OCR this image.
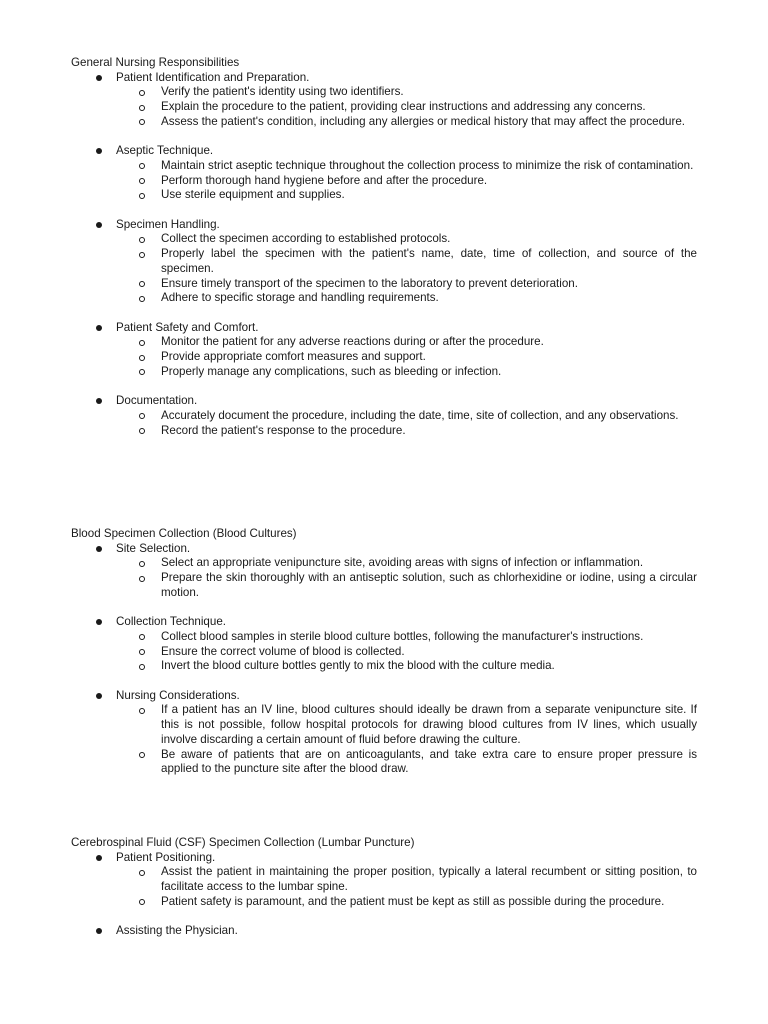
General Nursing Responsibilities
Patient Identification and Preparation.
Verify the patient's identity using two identifiers.
Explain the procedure to the patient, providing clear instructions and addressing any concerns.
Assess the patient's condition, including any allergies or medical history that may affect the procedure.
Aseptic Technique.
Maintain strict aseptic technique throughout the collection process to minimize the risk of contamination.
Perform thorough hand hygiene before and after the procedure.
Use sterile equipment and supplies.
Specimen Handling.
Collect the specimen according to established protocols.
Properly label the specimen with the patient's name, date, time of collection, and source of the specimen.
Ensure timely transport of the specimen to the laboratory to prevent deterioration.
Adhere to specific storage and handling requirements.
Patient Safety and Comfort.
Monitor the patient for any adverse reactions during or after the procedure.
Provide appropriate comfort measures and support.
Properly manage any complications, such as bleeding or infection.
Documentation.
Accurately document the procedure, including the date, time, site of collection, and any observations.
Record the patient's response to the procedure.
Blood Specimen Collection (Blood Cultures)
Site Selection.
Select an appropriate venipuncture site, avoiding areas with signs of infection or inflammation.
Prepare the skin thoroughly with an antiseptic solution, such as chlorhexidine or iodine, using a circular motion.
Collection Technique.
Collect blood samples in sterile blood culture bottles, following the manufacturer's instructions.
Ensure the correct volume of blood is collected.
Invert the blood culture bottles gently to mix the blood with the culture media.
Nursing Considerations.
If a patient has an IV line, blood cultures should ideally be drawn from a separate venipuncture site. If this is not possible, follow hospital protocols for drawing blood cultures from IV lines, which usually involve discarding a certain amount of fluid before drawing the culture.
Be aware of patients that are on anticoagulants, and take extra care to ensure proper pressure is applied to the puncture site after the blood draw.
Cerebrospinal Fluid (CSF) Specimen Collection (Lumbar Puncture)
Patient Positioning.
Assist the patient in maintaining the proper position, typically a lateral recumbent or sitting position, to facilitate access to the lumbar spine.
Patient safety is paramount, and the patient must be kept as still as possible during the procedure.
Assisting the Physician.
